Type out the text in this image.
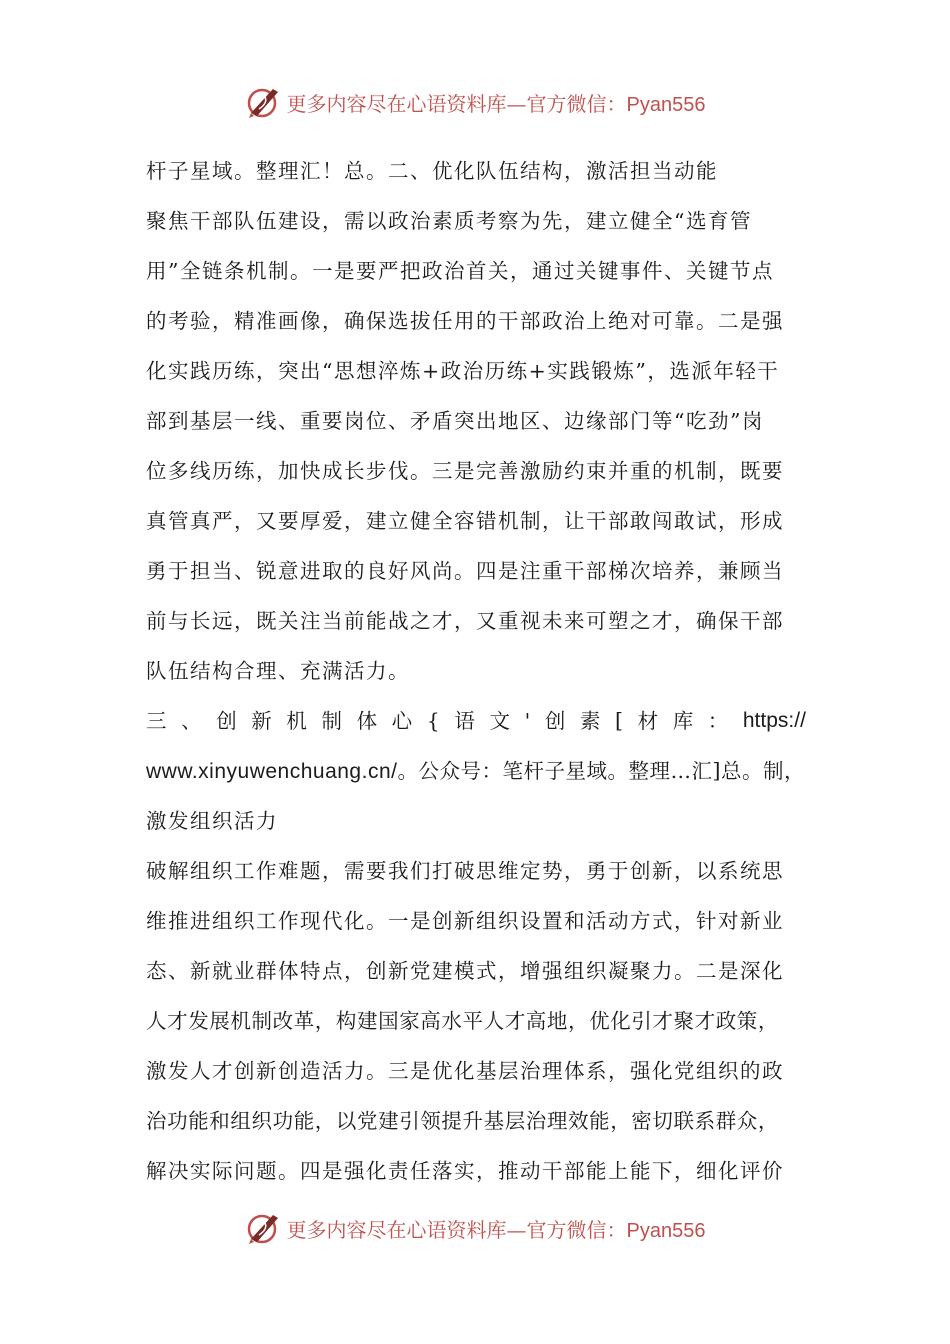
更多内容尽在心语资料库—官方微信：Pyan556
杆子星域。整理汇！总。二、优化队伍结构，激活担当动能
聚焦干部队伍建设，需以政治素质考察为先，建立健全“选育管
用”全链条机制。一是要严把政治首关，通过关键事件、关键节点
的考验，精准画像，确保选拔任用的干部政治上绝对可靠。二是强
化实践历练，突出“思想淬炼+政治历练+实践锻炼”，选派年轻干
部到基层一线、重要岗位、矛盾突出地区、边缘部门等“吃劲”岗
位多线历练，加快成长步伐。三是完善激励约束并重的机制，既要
真管真严，又要厚爱，建立健全容错机制，让干部敢闯敢试，形成
勇于担当、锐意进取的良好风尚。四是注重干部梯次培养，兼顾当
前与长远，既关注当前能战之才，又重视未来可塑之才，确保干部
队伍结构合理、充满活力。
三 、 创 新 机 制 体 心 { 语 文 ' 创 素 [ 材 库 ： https://
www.xinyuwenchuang.cn/。公众号：笔杆子星域。整理…汇]总。制，
激发组织活力
破解组织工作难题，需要我们打破思维定势，勇于创新，以系统思
维推进组织工作现代化。一是创新组织设置和活动方式，针对新业
态、新就业群体特点，创新党建模式，增强组织凝聚力。二是深化
人才发展机制改革，构建国家高水平人才高地，优化引才聚才政策，
激发人才创新创造活力。三是优化基层治理体系，强化党组织的政
治功能和组织功能，以党建引领提升基层治理效能，密切联系群众，
解决实际问题。四是强化责任落实，推动干部能上能下，细化评价
更多内容尽在心语资料库—官方微信：Pyan556
